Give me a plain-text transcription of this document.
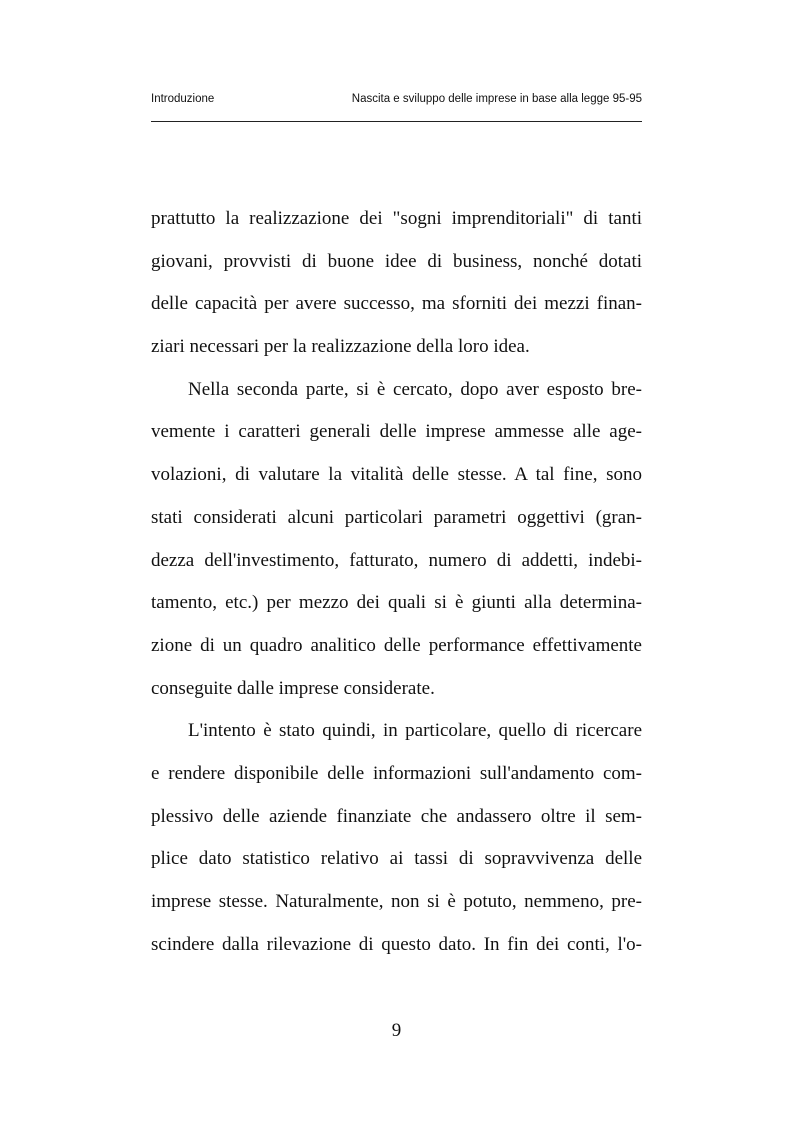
Introduzione	Nascita e sviluppo delle imprese in base alla legge 95-95
prattutto la realizzazione dei "sogni imprenditoriali" di tanti
giovani, provvisti di buone idee di business, nonché dotati
delle capacità per avere successo, ma sforniti dei mezzi finan-
ziari necessari per la realizzazione della loro idea.
Nella seconda parte, si è cercato, dopo aver esposto bre-
vemente i caratteri generali delle imprese ammesse alle age-
volazioni, di valutare la vitalità delle stesse. A tal fine, sono
stati considerati alcuni particolari parametri oggettivi (gran-
dezza dell'investimento, fatturato, numero di addetti, indebi-
tamento, etc.) per mezzo dei quali si è giunti alla determina-
zione di un quadro analitico delle performance effettivamente
conseguite dalle imprese considerate.
L'intento è stato quindi, in particolare, quello di ricercare
e rendere disponibile delle informazioni sull'andamento com-
plessivo delle aziende finanziate che andassero oltre il sem-
plice dato statistico relativo ai tassi di sopravvivenza delle
imprese stesse. Naturalmente, non si è potuto, nemmeno, pre-
scindere dalla rilevazione di questo dato. In fin dei conti, l'o-
9
